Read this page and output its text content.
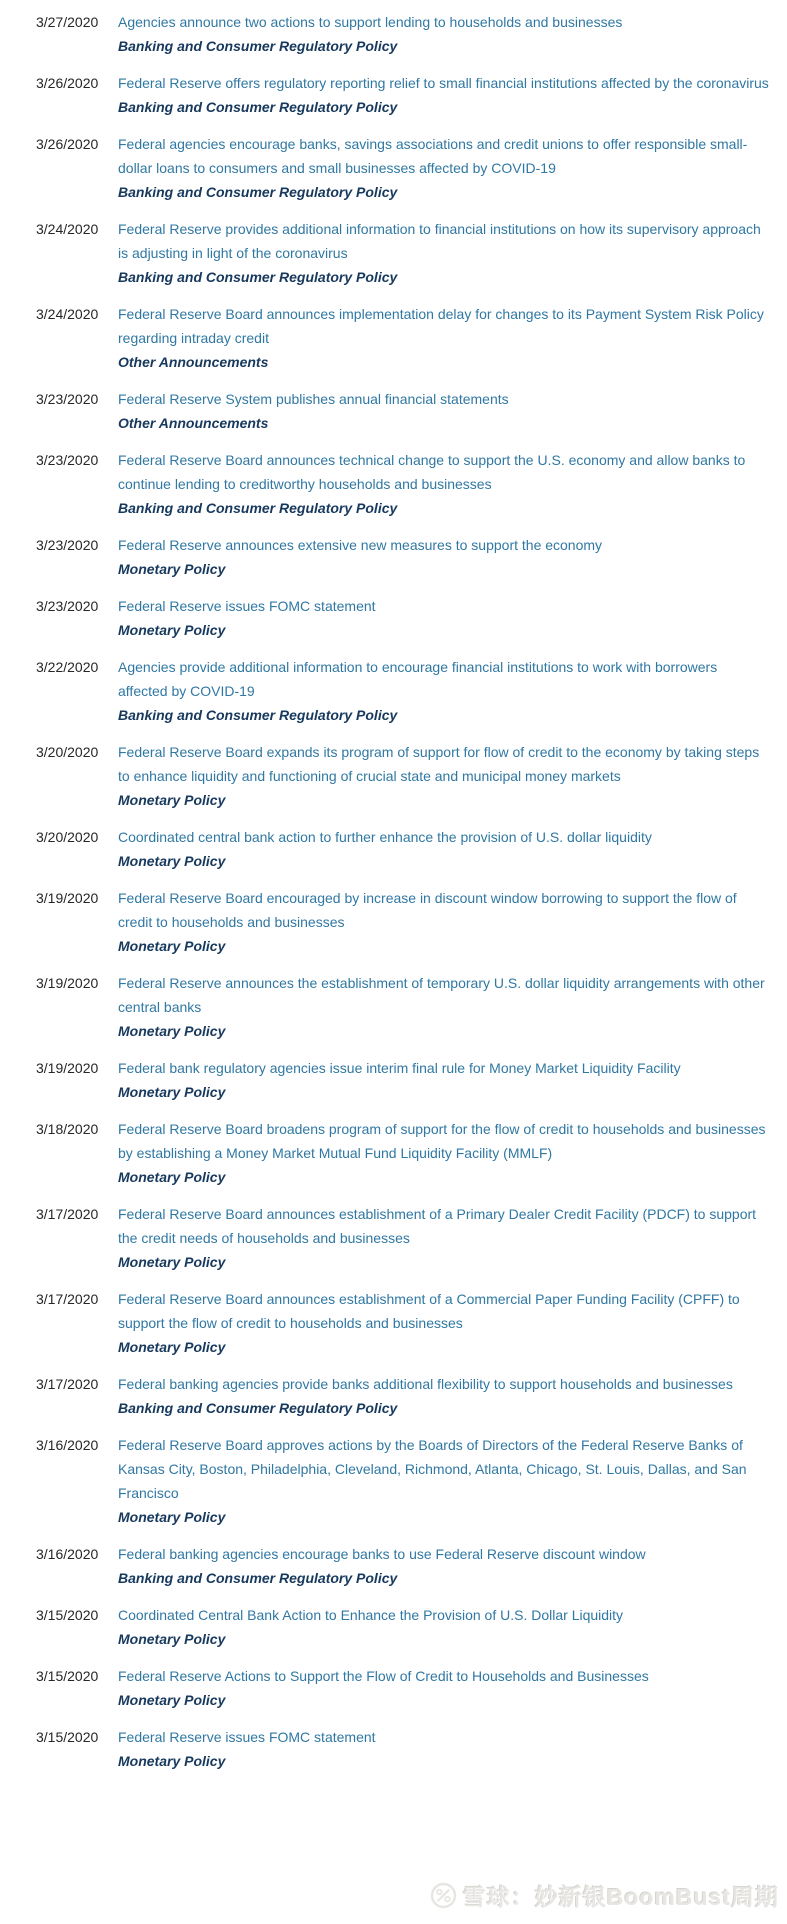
3/27/2020	Agencies announce two actions to support lending to households and businesses
Banking and Consumer Regulatory Policy
3/26/2020	Federal Reserve offers regulatory reporting relief to small financial institutions affected by the coronavirus
Banking and Consumer Regulatory Policy
3/26/2020	Federal agencies encourage banks, savings associations and credit unions to offer responsible small-dollar loans to consumers and small businesses affected by COVID-19
Banking and Consumer Regulatory Policy
3/24/2020	Federal Reserve provides additional information to financial institutions on how its supervisory approach is adjusting in light of the coronavirus
Banking and Consumer Regulatory Policy
3/24/2020	Federal Reserve Board announces implementation delay for changes to its Payment System Risk Policy regarding intraday credit
Other Announcements
3/23/2020	Federal Reserve System publishes annual financial statements
Other Announcements
3/23/2020	Federal Reserve Board announces technical change to support the U.S. economy and allow banks to continue lending to creditworthy households and businesses
Banking and Consumer Regulatory Policy
3/23/2020	Federal Reserve announces extensive new measures to support the economy
Monetary Policy
3/23/2020	Federal Reserve issues FOMC statement
Monetary Policy
3/22/2020	Agencies provide additional information to encourage financial institutions to work with borrowers affected by COVID-19
Banking and Consumer Regulatory Policy
3/20/2020	Federal Reserve Board expands its program of support for flow of credit to the economy by taking steps to enhance liquidity and functioning of crucial state and municipal money markets
Monetary Policy
3/20/2020	Coordinated central bank action to further enhance the provision of U.S. dollar liquidity
Monetary Policy
3/19/2020	Federal Reserve Board encouraged by increase in discount window borrowing to support the flow of credit to households and businesses
Monetary Policy
3/19/2020	Federal Reserve announces the establishment of temporary U.S. dollar liquidity arrangements with other central banks
Monetary Policy
3/19/2020	Federal bank regulatory agencies issue interim final rule for Money Market Liquidity Facility
Monetary Policy
3/18/2020	Federal Reserve Board broadens program of support for the flow of credit to households and businesses by establishing a Money Market Mutual Fund Liquidity Facility (MMLF)
Monetary Policy
3/17/2020	Federal Reserve Board announces establishment of a Primary Dealer Credit Facility (PDCF) to support the credit needs of households and businesses
Monetary Policy
3/17/2020	Federal Reserve Board announces establishment of a Commercial Paper Funding Facility (CPFF) to support the flow of credit to households and businesses
Monetary Policy
3/17/2020	Federal banking agencies provide banks additional flexibility to support households and businesses
Banking and Consumer Regulatory Policy
3/16/2020	Federal Reserve Board approves actions by the Boards of Directors of the Federal Reserve Banks of Kansas City, Boston, Philadelphia, Cleveland, Richmond, Atlanta, Chicago, St. Louis, Dallas, and San Francisco
Monetary Policy
3/16/2020	Federal banking agencies encourage banks to use Federal Reserve discount window
Banking and Consumer Regulatory Policy
3/15/2020	Coordinated Central Bank Action to Enhance the Provision of U.S. Dollar Liquidity
Monetary Policy
3/15/2020	Federal Reserve Actions to Support the Flow of Credit to Households and Businesses
Monetary Policy
3/15/2020	Federal Reserve issues FOMC statement
Monetary Policy
雪球：妙新银BoomBust周期
